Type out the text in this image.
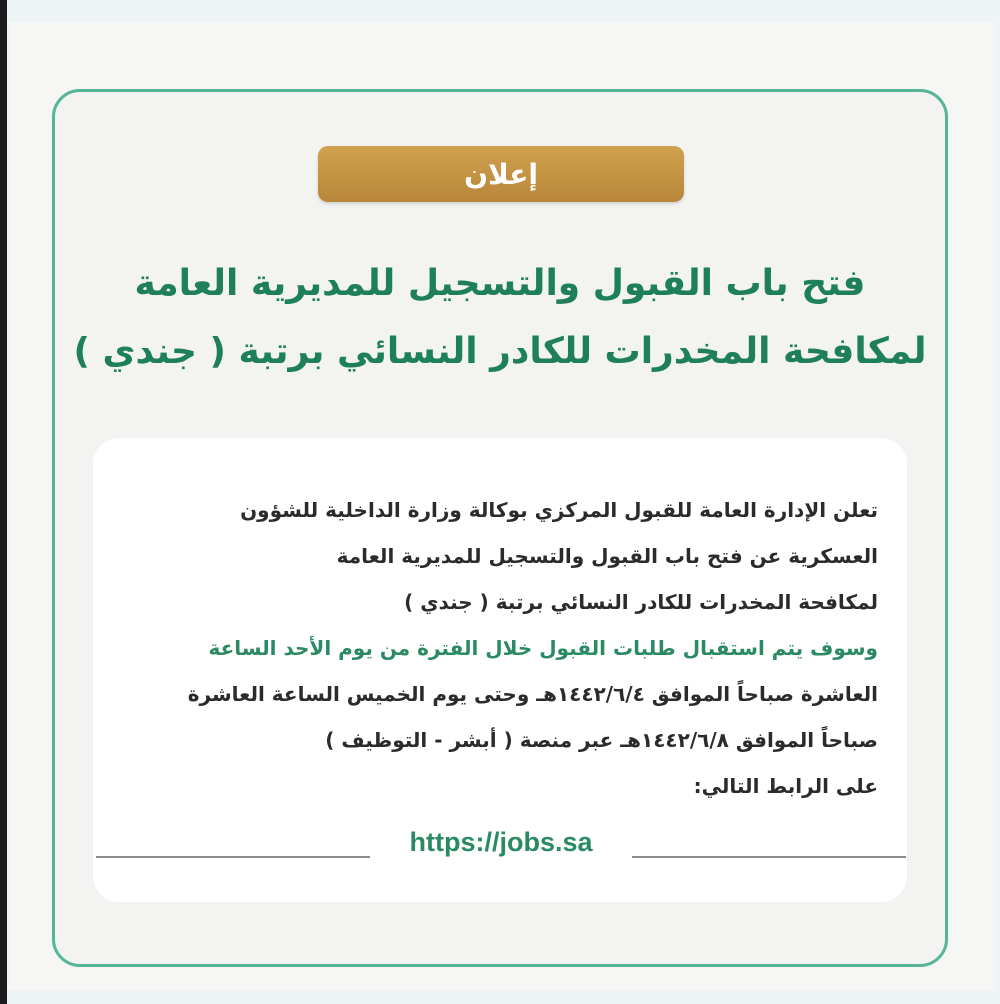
إعلان
فتح باب القبول والتسجيل للمديرية العامة
لمكافحة المخدرات للكادر النسائي برتبة ( جندي )

تعلن الإدارة العامة للقبول المركزي بوكالة وزارة الداخلية للشؤون
العسكرية عن فتح باب القبول والتسجيل للمديرية العامة
لمكافحة المخدرات للكادر النسائي برتبة ( جندي )
وسوف يتم استقبال طلبات القبول خلال الفترة من يوم الأحد الساعة
العاشرة صباحاً الموافق ١٤٤٢/٦/٤هـ وحتى يوم الخميس الساعة العاشرة
صباحاً الموافق ١٤٤٢/٦/٨هـ عبر منصة ( أبشر - التوظيف )
على الرابط التالي:

https://jobs.sa
